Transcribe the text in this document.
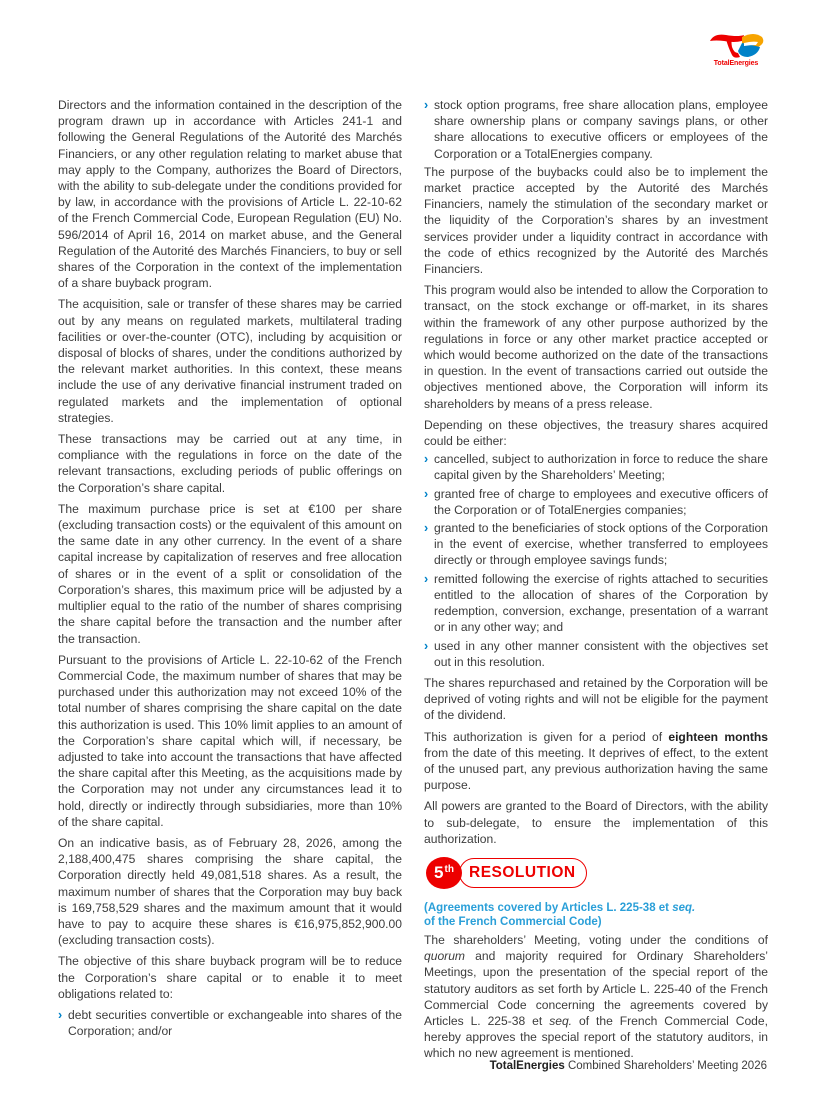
TotalEnergies

Directors and the information contained in the description of the program drawn up in accordance with Articles 241-1 and following the General Regulations of the Autorité des Marchés Financiers, or any other regulation relating to market abuse that may apply to the Company, authorizes the Board of Directors, with the ability to sub-delegate under the conditions provided for by law, in accordance with the provisions of Article L. 22-10-62 of the French Commercial Code, European Regulation (EU) No. 596/2014 of April 16, 2014 on market abuse, and the General Regulation of the Autorité des Marchés Financiers, to buy or sell shares of the Corporation in the context of the implementation of a share buyback program.

The acquisition, sale or transfer of these shares may be carried out by any means on regulated markets, multilateral trading facilities or over-the-counter (OTC), including by acquisition or disposal of blocks of shares, under the conditions authorized by the relevant market authorities. In this context, these means include the use of any derivative financial instrument traded on regulated markets and the implementation of optional strategies.

These transactions may be carried out at any time, in compliance with the regulations in force on the date of the relevant transactions, excluding periods of public offerings on the Corporation’s share capital.

The maximum purchase price is set at €100 per share (excluding transaction costs) or the equivalent of this amount on the same date in any other currency. In the event of a share capital increase by capitalization of reserves and free allocation of shares or in the event of a split or consolidation of the Corporation’s shares, this maximum price will be adjusted by a multiplier equal to the ratio of the number of shares comprising the share capital before the transaction and the number after the transaction.

Pursuant to the provisions of Article L. 22-10-62 of the French Commercial Code, the maximum number of shares that may be purchased under this authorization may not exceed 10% of the total number of shares comprising the share capital on the date this authorization is used. This 10% limit applies to an amount of the Corporation’s share capital which will, if necessary, be adjusted to take into account the transactions that have affected the share capital after this Meeting, as the acquisitions made by the Corporation may not under any circumstances lead it to hold, directly or indirectly through subsidiaries, more than 10% of the share capital.

On an indicative basis, as of February 28, 2026, among the 2,188,400,475 shares comprising the share capital, the Corporation directly held 49,081,518 shares. As a result, the maximum number of shares that the Corporation may buy back is 169,758,529 shares and the maximum amount that it would have to pay to acquire these shares is €16,975,852,900.00 (excluding transaction costs).

The objective of this share buyback program will be to reduce the Corporation’s share capital or to enable it to meet obligations related to:

› debt securities convertible or exchangeable into shares of the Corporation; and/or

› stock option programs, free share allocation plans, employee share ownership plans or company savings plans, or other share allocations to executive officers or employees of the Corporation or a TotalEnergies company.

The purpose of the buybacks could also be to implement the market practice accepted by the Autorité des Marchés Financiers, namely the stimulation of the secondary market or the liquidity of the Corporation’s shares by an investment services provider under a liquidity contract in accordance with the code of ethics recognized by the Autorité des Marchés Financiers.

This program would also be intended to allow the Corporation to transact, on the stock exchange or off-market, in its shares within the framework of any other purpose authorized by the regulations in force or any other market practice accepted or which would become authorized on the date of the transactions in question. In the event of transactions carried out outside the objectives mentioned above, the Corporation will inform its shareholders by means of a press release.

Depending on these objectives, the treasury shares acquired could be either:

› cancelled, subject to authorization in force to reduce the share capital given by the Shareholders’ Meeting;

› granted free of charge to employees and executive officers of the Corporation or of TotalEnergies companies;

› granted to the beneficiaries of stock options of the Corporation in the event of exercise, whether transferred to employees directly or through employee savings funds;

› remitted following the exercise of rights attached to securities entitled to the allocation of shares of the Corporation by redemption, conversion, exchange, presentation of a warrant or in any other way; and

› used in any other manner consistent with the objectives set out in this resolution.

The shares repurchased and retained by the Corporation will be deprived of voting rights and will not be eligible for the payment of the dividend.

This authorization is given for a period of eighteen months from the date of this meeting. It deprives of effect, to the extent of the unused part, any previous authorization having the same purpose.

All powers are granted to the Board of Directors, with the ability to sub-delegate, to ensure the implementation of this authorization.

5th RESOLUTION

(Agreements covered by Articles L. 225-38 et seq.
of the French Commercial Code)

The shareholders’ Meeting, voting under the conditions of quorum and majority required for Ordinary Shareholders’ Meetings, upon the presentation of the special report of the statutory auditors as set forth by Article L. 225-40 of the French Commercial Code concerning the agreements covered by Articles L. 225-38 et seq. of the French Commercial Code, hereby approves the special report of the statutory auditors, in which no new agreement is mentioned.

TotalEnergies Combined Shareholders’ Meeting 2026
